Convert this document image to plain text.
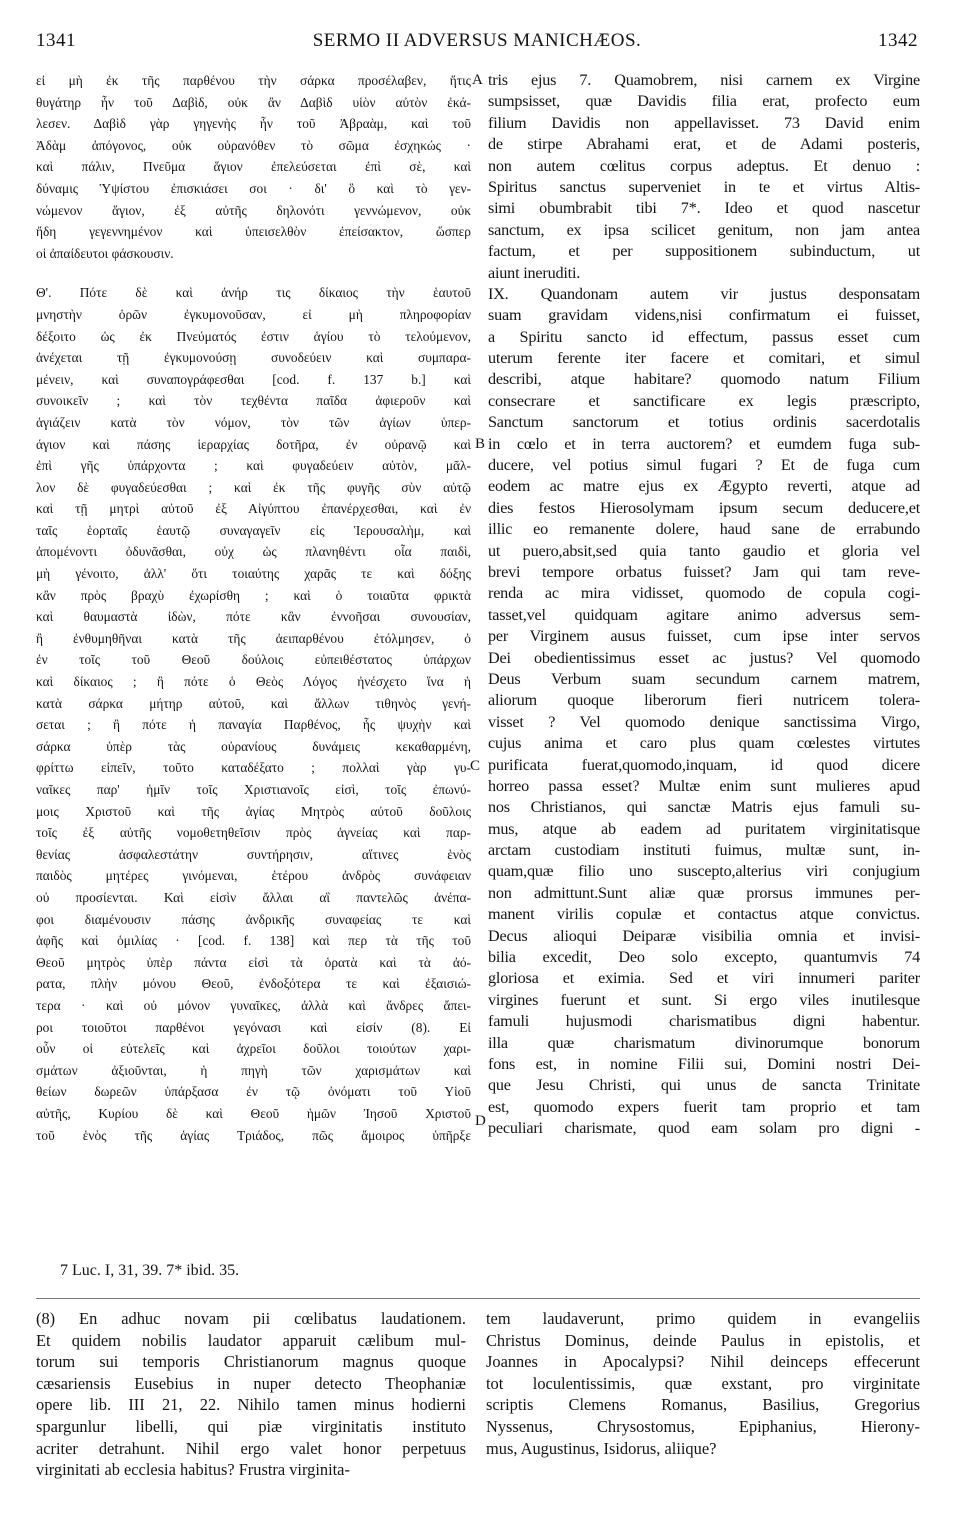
1341	SERMO II ADVERSUS MANICHÆOS.	1342
εἰ μὴ ἐκ τῆς παρθένου τὴν σάρκα προσέλαβεν, ἥτις
θυγάτηρ ἦν τοῦ Δαβὶδ, οὐκ ἂν Δαβὶδ υἱὸν αὐτὸν ἐκά-
λεσεν. Δαβὶδ γὰρ γηγενὴς ἦν τοῦ Ἀβραὰμ, καὶ τοῦ
Ἀδὰμ ἀπόγονος, οὐκ οὐρανόθεν τὸ σῶμα ἐσχηκώς ·
καὶ πάλιν, Πνεῦμα ἅγιον ἐπελεύσεται ἐπὶ σὲ, καὶ
δύναμις Ὑψίστου ἐπισκιάσει σοι · δι' ὃ καὶ τὸ γεν-
νώμενον ἅγιον, ἐξ αὐτῆς δηλονότι γεννώμενον, οὐκ
ἤδη γεγεννημένον καὶ ὑπεισελθὸν ἐπείσακτον, ὥσπερ
οἱ ἀπαίδευτοι φάσκουσιν.
Θ'. Πότε δὲ καὶ ἀνήρ τις δίκαιος τὴν ἑαυτοῦ
μνηστὴν ὁρῶν ἐγκυμονοῦσαν, εἰ μὴ πληροφορίαν
δέξοιτο ὡς ἐκ Πνεύματός ἐστιν ἁγίου τὸ τελούμενον,
ἀνέχεται τῇ ἐγκυμονούσῃ συνοδεύειν καὶ συμπαρα-
μένειν, καὶ συναπογράφεσθαι [cod. f. 137 b.] καὶ
συνοικεῖν ; καὶ τὸν τεχθέντα παῖδα ἀφιεροῦν καὶ
ἁγιάζειν κατὰ τὸν νόμον, τὸν τῶν ἁγίων ὑπερ-
άγιον καὶ πάσης ἱεραρχίας δοτῆρα, ἐν οὐρανῷ καὶ
ἐπὶ γῆς ὑπάρχοντα ; καὶ φυγαδεύειν αὐτὸν, μᾶλ-
λον δὲ φυγαδεύεσθαι ; καὶ ἐκ τῆς φυγῆς σὺν αὐτῷ
καὶ τῇ μητρὶ αὐτοῦ ἐξ Αἰγύπτου ἐπανέρχεσθαι, καὶ ἐν
ταῖς ἑορταῖς ἑαυτῷ συναγαγεῖν εἰς Ἱερουσαλὴμ, καὶ
ἀπομένοντι ὀδυνᾶσθαι, οὐχ ὡς πλανηθέντι οἷα παιδὶ,
μὴ γένοιτο, ἀλλ' ὅτι τοιαύτης χαρᾶς τε καὶ δόξης
κἂν πρὸς βραχὺ ἐχωρίσθη ; καὶ ὁ τοιαῦτα φρικτὰ
καὶ θαυμαστὰ ἰδὼν, πότε κἂν ἐννοῆσαι συνουσίαν,
ἢ ἐνθυμηθῆναι κατὰ τῆς ἀειπαρθένου ἐτόλμησεν, ὁ
ἐν τοῖς τοῦ Θεοῦ δούλοις εὐπειθέστατος ὑπάρχων
καὶ δίκαιος ; ἢ πότε ὁ Θεὸς Λόγος ἠνέσχετο ἵνα ἡ
κατὰ σάρκα μήτηρ αὐτοῦ, καὶ ἄλλων τιθηνὸς γενή-
σεται ; ἢ πότε ἡ παναγία Παρθένος, ἧς ψυχὴν καὶ
σάρκα ὑπὲρ τὰς οὐρανίους δυνάμεις κεκαθαρμένη,
φρίττω εἰπεῖν, τοῦτο καταδέξατο ; πολλαὶ γὰρ γυ-
ναῖκες παρ' ἡμῖν τοῖς Χριστιανοῖς εἰσὶ, τοῖς ἐπωνύ-
μοις Χριστοῦ καὶ τῆς ἁγίας Μητρὸς αὐτοῦ δοῦλοις
τοῖς ἐξ αὐτῆς νομοθετηθεῖσιν πρὸς ἁγνείας καὶ παρ-
θενίας ἀσφαλεστάτην συντήρησιν, αἵτινες ἑνὸς
παιδὸς μητέρες γινόμεναι, ἑτέρου ἀνδρὸς συνάφειαν
οὐ προσίενται. Καὶ εἰσὶν ἄλλαι αἳ παντελῶς ἀνέπα-
φοι διαμένουσιν πάσης ἀνδρικῆς συναφείας τε καὶ
ἀφῆς καὶ ὁμιλίας · [cod. f. 138] καὶ περ τὰ τῆς τοῦ
Θεοῦ μητρὸς ὑπὲρ πάντα εἰσὶ τὰ ὁρατὰ καὶ τὰ ἀό-
ρατα, πλὴν μόνου Θεοῦ, ἐνδοξότερα τε καὶ ἐξαισιώ-
τερα · καὶ οὐ μόνον γυναῖκες, ἀλλὰ καὶ ἄνδρες ἄπει-
ροι τοιοῦτοι παρθένοι γεγόνασι καὶ εἰσίν (8). Εἰ
οὖν οἱ εὐτελεῖς καὶ ἀχρεῖοι δοῦλοι τοιούτων χαρι-
σμάτων ἀξιοῦνται, ἡ πηγὴ τῶν χαρισμάτων καὶ
θείων δωρεῶν ὑπάρξασα ἐν τῷ ὀνόματι τοῦ Υἱοῦ
αὐτῆς, Κυρίου δὲ καὶ Θεοῦ ἡμῶν Ἰησοῦ Χριστοῦ
τοῦ ἑνὸς τῆς ἁγίας Τριάδος, πῶς ἄμοιρος ὑπῆρξε
tris ejus 7. Quamobrem, nisi carnem ex Virgine
sumpsisset, quæ Davidis filia erat, profecto eum
filium Davidis non appellavisset. 73 David enim
de stirpe Abrahami erat, et de Adami posteris,
non autem cœlitus corpus adeptus. Et denuo :
Spiritus sanctus superveniet in te et virtus Altis-
simi obumbrabit tibi 7*. Ideo et quod nascetur
sanctum, ex ipsa scilicet genitum, non jam antea
factum, et per suppositionem subinductum, ut
aiunt ineruditi.
IX. Quandonam autem vir justus desponsatam
suam gravidam videns,nisi confirmatum ei fuisset,
a Spiritu sancto id effectum, passus esset cum
uterum ferente iter facere et comitari, et simul
describi, atque habitare? quomodo natum Filium
consecrare et sanctificare ex legis præscripto,
Sanctum sanctorum et totius ordinis sacerdotalis
in cœlo et in terra auctorem? et eumdem fuga sub-
ducere, vel potius simul fugari ? Et de fuga cum
eodem ac matre ejus ex Ægypto reverti, atque ad
dies festos Hierosolymam ipsum secum deducere,et
illic eo remanente dolere, haud sane de errabundo
ut puero,absit,sed quia tanto gaudio et gloria vel
brevi tempore orbatus fuisset? Jam qui tam reve-
renda ac mira vidisset, quomodo de copula cogi-
tasset,vel quidquam agitare animo adversus sem-
per Virginem ausus fuisset, cum ipse inter servos
Dei obedientissimus esset ac justus? Vel quomodo
Deus Verbum suam secundum carnem matrem,
aliorum quoque liberorum fieri nutricem tolera-
visset ? Vel quomodo denique sanctissima Virgo,
cujus anima et caro plus quam cœlestes virtutes
purificata fuerat,quomodo,inquam, id quod dicere
horreo passa esset? Multæ enim sunt mulieres apud
nos Christianos, qui sanctæ Matris ejus famuli su-
mus, atque ab eadem ad puritatem virginitatisque
arctam custodiam instituti fuimus, multæ sunt, in-
quam,quæ filio uno suscepto,alterius viri conjugium
non admittunt.Sunt aliæ quæ prorsus immunes per-
manent virilis copulæ et contactus atque convictus.
Decus alioqui Deiparæ visibilia omnia et invisi-
bilia excedit, Deo solo excepto, quantumvis 74
gloriosa et eximia. Sed et viri innumeri pariter
virgines fuerunt et sunt. Si ergo viles inutilesque
famuli hujusmodi charismatibus digni habentur.
illa quæ charismatum divinorumque bonorum
fons est, in nomine Filii sui, Domini nostri Dei-
que Jesu Christi, qui unus de sancta Trinitate
est, quomodo expers fuerit tam proprio et tam
peculiari charismate, quod eam solam pro digni -
A
B
C
D
7 Luc. I, 31, 39. 7* ibid. 35.
(8) En adhuc novam pii cœlibatus laudationem.
Et quidem nobilis laudator apparuit cælibum mul-
torum sui temporis Christianorum magnus quoque
cæsariensis Eusebius in nuper detecto Theophaniæ
opere lib. III 21, 22. Nihilo tamen minus hodierni
spargunlur libelli, qui piæ virginitatis instituto
acriter detrahunt. Nihil ergo valet honor perpetuus
virginitati ab ecclesia habitus? Frustra virginita-
tem laudaverunt, primo quidem in evangeliis
Christus Dominus, deinde Paulus in epistolis, et
Joannes in Apocalypsi? Nihil deinceps effecerunt
tot loculentissimis, quæ exstant, pro virginitate
scriptis Clemens Romanus, Basilius, Gregorius
Nyssenus, Chrysostomus, Epiphanius, Hierony-
mus, Augustinus, Isidorus, aliique?
